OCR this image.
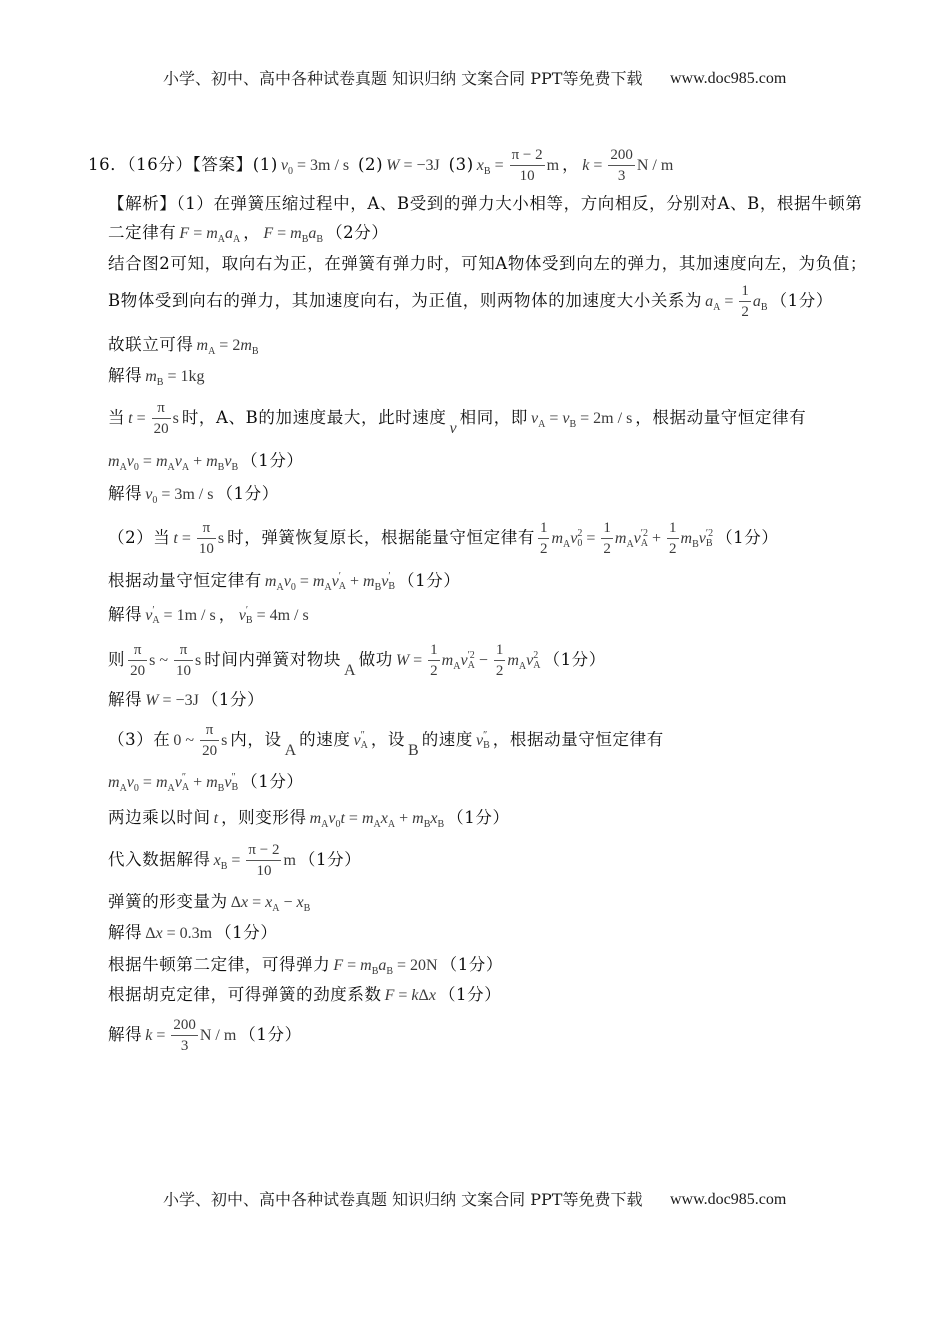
小学、初中、高中各种试卷真题 知识归纳 文案合同 PPT等免费下载 www.doc985.com
16．（16分）【答案】(1) $v_0 = 3m / s$ (2) W = −3J (3) $x_B = \frac{\pi - 2}{10}$ m ， $k = \frac{200}{3}$ N / m
【解析】（1）在弹簧压缩过程中，A、B受到的弹力大小相等，方向相反，分别对A、B，根据牛顿第
二定律有 $F = m_Aa_A$ ， $F = m_Ba_B$ （2分）
结合图2可知，取向右为正，在弹簧有弹力时，可知A物体受到向左的弹力，其加速度向左，为负值；
B物体受到向右的弹力，其加速度向右，为正值，则两物体的加速度大小关系为 $a_A = \frac{1}{2} a_B$ （1分）
故联立可得 $m_A = 2m_B$
解得 $m_B = 1kg$
当 $t = \frac{\pi}{20}$ s 时，A、B的加速度最大，此时速度v相同，即 $v_A = v_B = 2m / s$ ，根据动量守恒定律有
$m_Av_0 = m_Av_A + m_Bv_B$ （1分）
解得 $v_0 = 3m / s$ （1分）
（2）当 $t = \frac{\pi}{10}$ s 时，弹簧恢复原长，根据能量守恒定律有 $\frac{1}{2} m_Av$ 2
$0 = \frac{1}{2} m_Av$ ′2
$A + \frac{1}{2} m_Bv$ ′2
B （1分）
根据动量守恒定律有 $m_Av_0 = m_Av$ ′
$A + m_Bv$ ′
B （1分）
解得 v ′
A = 1m / s ， v ′
B = 4m / s
则 $\frac{\pi}{20}$ s ~ $\frac{\pi}{10}$ s 时间内弹簧对物块A做功 $W = \frac{1}{2} m_Av$ ′2
$A - \frac{1}{2} m_Av$ 2
A （1分）
解得 W = −3J （1分）
（3）在 0 ~ $\frac{\pi}{20}$ s 内，设A的速度 v ″
A ，设B的速度 v ″
B ，根据动量守恒定律有
$m_Av_0 = m_Av$ ″
$A + m_Bv$ ″
B （1分）
两边乘以时间 t ，则变形得 $m_Av_0t = m_Ax_A + m_Bx_B$ （1分）
代入数据解得 $x_B = \frac{\pi - 2}{10}$ m （1分）
弹簧的形变量为 $\Delta x = x_A - x_B$
解得 Δx = 0.3m （1分）
根据牛顿第二定律，可得弹力 $F = m_Ba_B = 20N$ （1分）
根据胡克定律，可得弹簧的劲度系数 F = kΔx （1分）
解得 $k = \frac{200}{3}$ N / m （1分）
小学、初中、高中各种试卷真题 知识归纳 文案合同 PPT等免费下载 www.doc985.com
